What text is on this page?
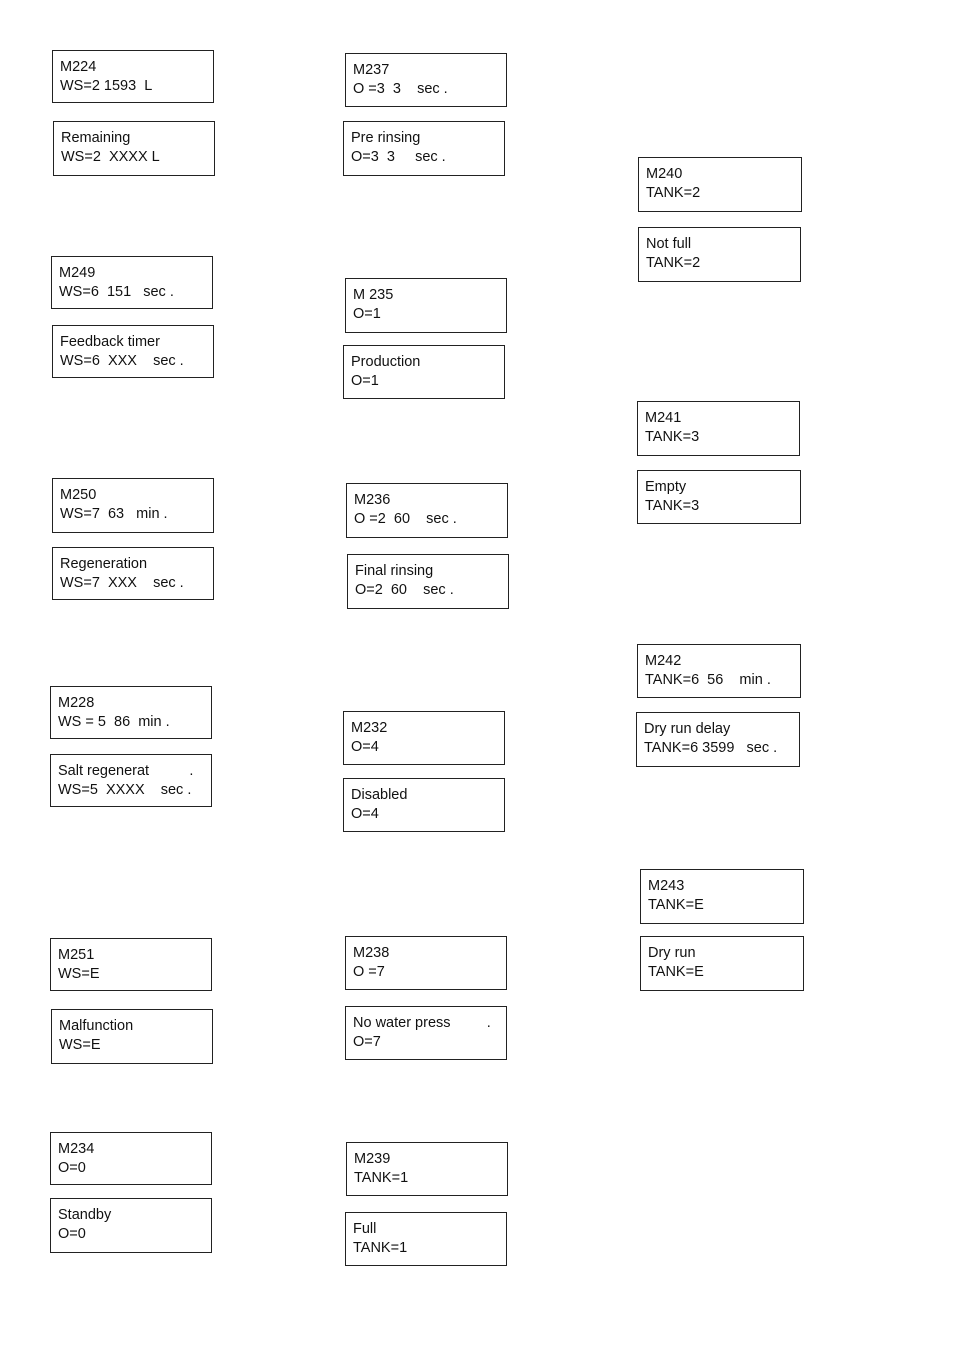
M224
WS=2 1593  L
Remaining
WS=2  XXXX L
M249
WS=6  151   sec .
Feedback timer
WS=6  XXX    sec .
M250
WS=7  63   min .
Regeneration
WS=7  XXX    sec .
M228
WS = 5  86  min .
Salt regenerat          .
WS=5  XXXX    sec .
M251
WS=E
Malfunction
WS=E
M234
O=0
Standby
O=0
M237
O =3  3    sec .
Pre rinsing
O=3  3     sec .
M 235
O=1
Production
O=1
M236
O =2  60    sec .
Final rinsing
O=2  60    sec .
M232
O=4
Disabled
O=4
M238
O =7
No water press         .
O=7
M239
TANK=1
Full
TANK=1
M240
TANK=2
Not full
TANK=2
M241
TANK=3
Empty
TANK=3
M242
TANK=6  56    min .
Dry run delay
TANK=6 3599   sec .
M243
TANK=E
Dry run
TANK=E
